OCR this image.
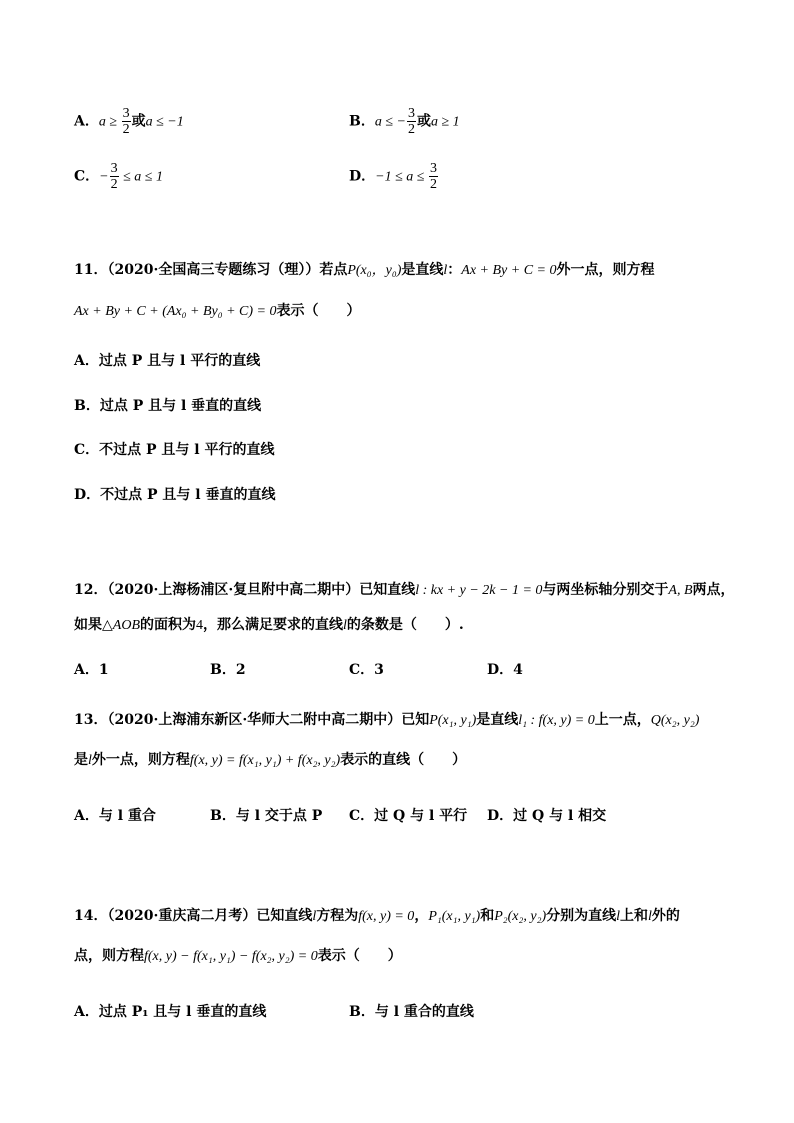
A．$a \ge \frac{3}{2}$ 或a ≤ −1	B．a ≤ − $\frac{3}{2}$ 或a ≥ 1
C．− $\frac{3}{2} \le a \le 1$	D．$-1 \le a \le \frac{3}{2}$
11．（2020·全国高三专题练习（理））若点P(x₀，y₀)是直线l：Ax + By + C = 0外一点，则方程
Ax + By + C + (Ax₀ + By₀ + C) = 0表示（　　）
A．过点 P 且与 l 平行的直线
B．过点 P 且与 l 垂直的直线
C．不过点 P 且与 l 平行的直线
D．不过点 P 且与 l 垂直的直线
12．（2020·上海杨浦区·复旦附中高二期中）已知直线l : kx + y − 2k − 1 = 0与两坐标轴分别交于A, B两点，
如果△AOB的面积为4，那么满足要求的直线l的条数是（　　）.
A．1	B．2	C．3	D．4
13．（2020·上海浦东新区·华师大二附中高二期中）已知P(x₁, y₁)是直线l₁ : f(x, y) = 0上一点，Q(x₂, y₂)
是l外一点，则方程f(x, y) = f(x₁, y₁) + f(x₂, y₂)表示的直线（　　）
A．与 l 重合	B．与 l 交于点 P C．过 Q 与 l 平行 D．过 Q 与 l 相交
14．（2020·重庆高二月考）已知直线l方程为f(x, y) = 0，P₁(x₁, y₁)和P₂(x₂, y₂)分别为直线l上和l外的
点，则方程f(x, y) − f(x₁, y₁) − f(x₂, y₂) = 0表示（　　）
A．过点 P₁ 且与 l 垂直的直线	B．与 l 重合的直线
